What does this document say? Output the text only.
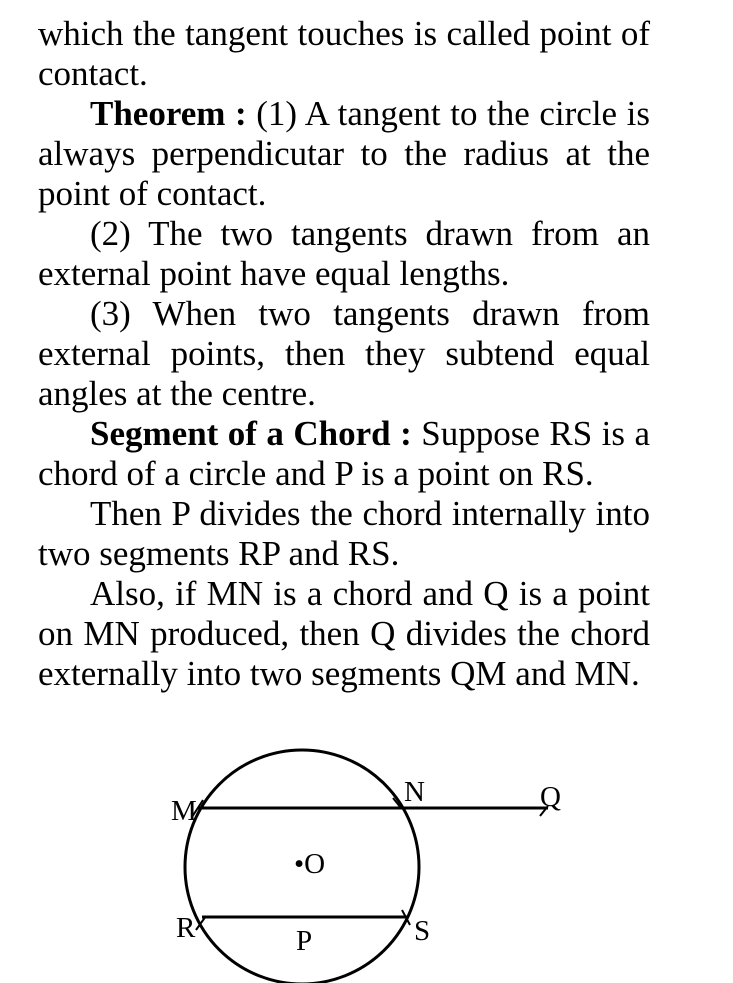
which the tangent touches is called point of contact.

Theorem : (1) A tangent to the circle is always perpendicutar to the radius at the point of contact.

(2) The two tangents drawn from an external point have equal lengths.

(3) When two tangents drawn from external points, then they subtend equal angles at the centre.

Segment of a Chord : Suppose RS is a chord of a circle and P is a point on RS.

Then P divides the chord internally into two segments RP and RS.

Also, if MN is a chord and Q is a point on MN produced, then Q divides the chord externally into two segments QM and MN.

M
N	Q
•O
R	P	S
